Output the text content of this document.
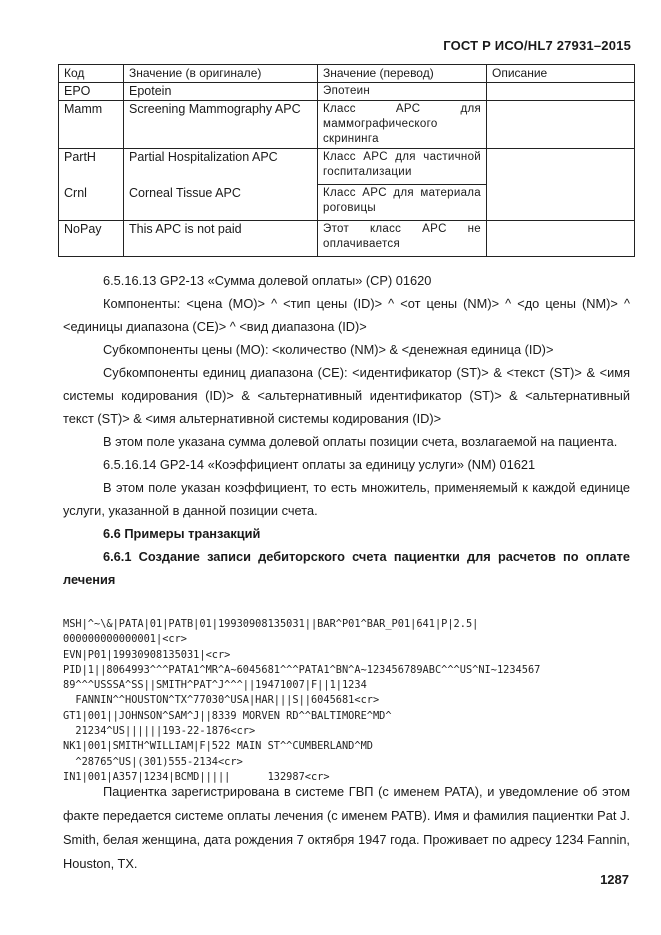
ГОСТ Р ИСО/HL7 27931–2015
Код	Значение (в оригинале)	Значение (перевод)	Описание
EPO	Epotein	Эпотеин	
Mamm	Screening Mammography APC	Класс APC для маммографического скрининга	
PartH	Partial Hospitalization APC	Класс APC для частичной госпитализации	
Crnl	Corneal Tissue APC	Класс APC для материала роговицы	
NoPay	This APC is not paid	Этот класс APC не оплачивается	

6.5.16.13 GP2-13 «Сумма долевой оплаты» (CP) 01620

Компоненты: <цена (MO)> ^ <тип цены (ID)> ^ <от цены (NM)> ^ <до цены (NM)> ^ <единицы диапазона (CE)> ^ <вид диапазона (ID)>

Субкомпоненты цены (MO): <количество (NM)> & <денежная единица (ID)>

Субкомпоненты единиц диапазона (CE): <идентификатор (ST)> & <текст (ST)> & <имя системы кодирования (ID)> & <альтернативный идентификатор (ST)> & <альтернативный текст (ST)> & <имя альтернативной системы кодирования (ID)>

В этом поле указана сумма долевой оплаты позиции счета, возлагаемой на пациента.

6.5.16.14 GP2-14 «Коэффициент оплаты за единицу услуги» (NM) 01621

В этом поле указан коэффициент, то есть множитель, применяемый к каждой единице услуги, указанной в данной позиции счета.

6.6 Примеры транзакций

6.6.1 Создание записи дебиторского счета пациентки для расчетов по оплате лечения

MSH|^~\&|PATA|01|PATB|01|19930908135031||BAR^P01^BAR_P01|641|P|2.5|
000000000000001|<cr>
EVN|P01|19930908135031|<cr>
PID|1||8064993^^^PATA1^MR^A~6045681^^^PATA1^BN^A~123456789ABC^^^US^NI~1234567
89^^^USSSA^SS||SMITH^PAT^J^^^||19471007|F||1|1234
FANNIN^^HOUSTON^TX^77030^USA|HAR|||S||6045681<cr>
GT1|001||JOHNSON^SAM^J||8339 MORVEN RD^^BALTIMORE^MD^
21234^US||||||193-22-1876<cr>
NK1|001|SMITH^WILLIAM|F|522 MAIN ST^^CUMBERLAND^MD
^28765^US|(301)555-2134<cr>
IN1|001|A357|1234|BCMD|||||      132987<cr>

Пациентка зарегистрирована в системе ГВП (с именем PATA), и уведомление об этом факте передается системе оплаты лечения (с именем PATB). Имя и фамилия пациентки Pat J. Smith, белая женщина, дата рождения 7 октября 1947 года. Проживает по адресу 1234 Fannin, Houston, TX.

1287
